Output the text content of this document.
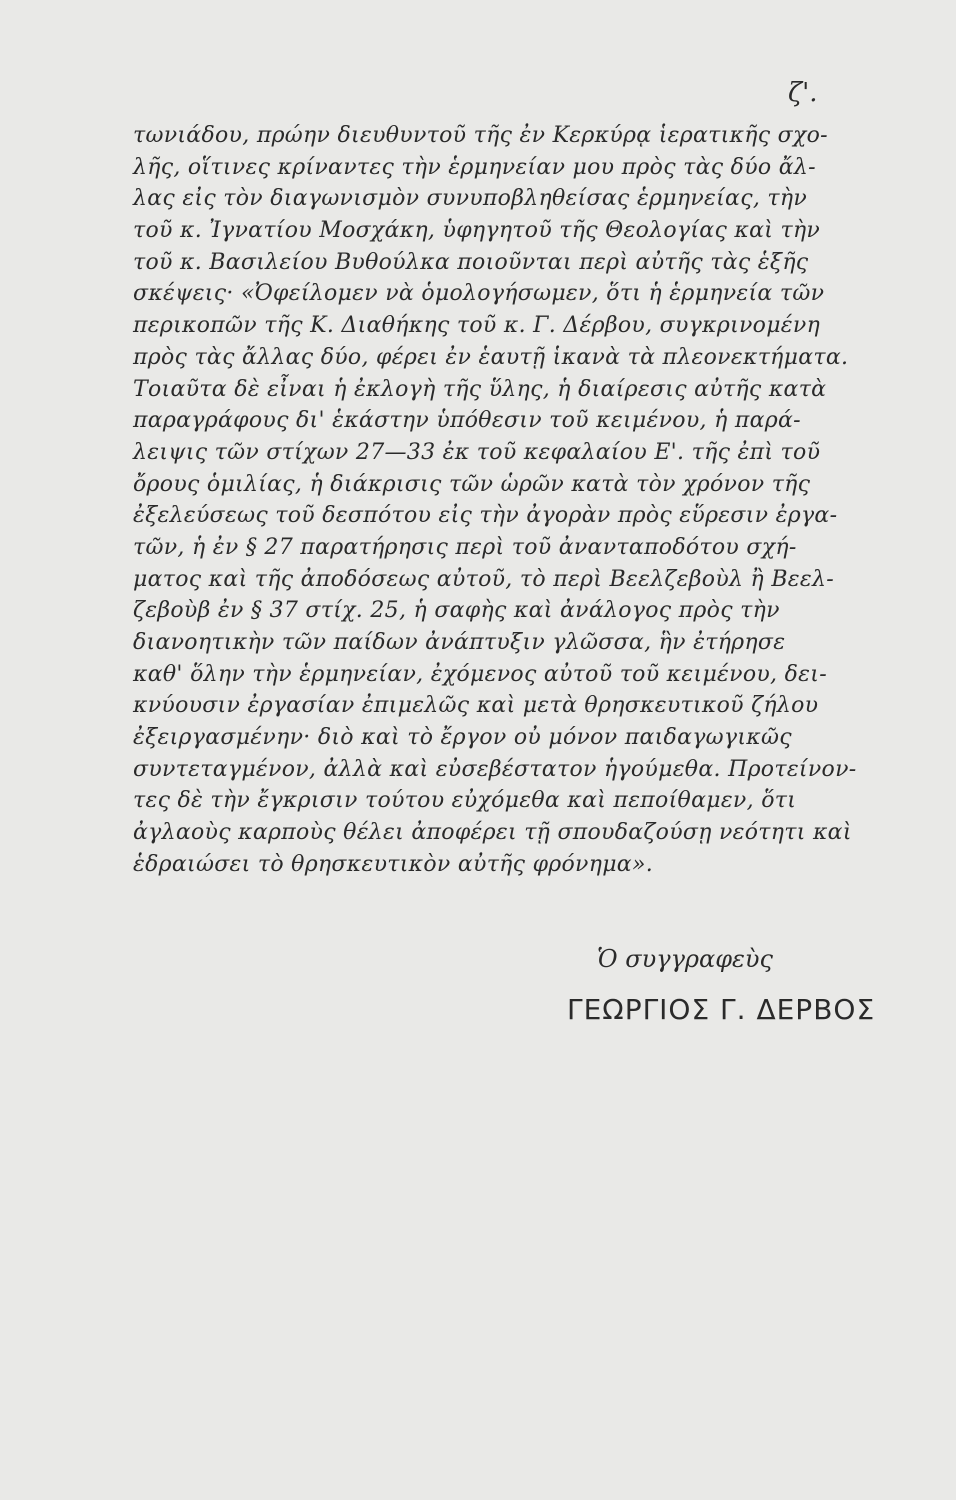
ζ'.
τωνιάδου, πρώην διευθυντοῦ τῆς ἐν Κερκύρᾳ ἱερατικῆς σχο-
λῆς, οἵτινες κρίναντες τὴν ἑρμηνείαν μου πρὸς τὰς δύο ἄλ-
λας εἰς τὸν διαγωνισμὸν συνυποβληθείσας ἑρμηνείας, τὴν
τοῦ κ. Ἰγνατίου Μοσχάκη, ὑφηγητοῦ τῆς Θεολογίας καὶ τὴν
τοῦ κ. Βασιλείου Βυθούλκα ποιοῦνται περὶ αὐτῆς τὰς ἑξῆς
σκέψεις· «Ὀφείλομεν νὰ ὁμολογήσωμεν, ὅτι ἡ ἑρμηνεία τῶν
περικοπῶν τῆς Κ. Διαθήκης τοῦ κ. Γ. Δέρβου, συγκρινομένη
πρὸς τὰς ἄλλας δύο, φέρει ἐν ἑαυτῇ ἱκανὰ τὰ πλεονεκτήματα.
Τοιαῦτα δὲ εἶναι ἡ ἐκλογὴ τῆς ὕλης, ἡ διαίρεσις αὐτῆς κατὰ
παραγράφους δι' ἑκάστην ὑπόθεσιν τοῦ κειμένου, ἡ παρά-
λειψις τῶν στίχων 27—33 ἐκ τοῦ κεφαλαίου Ε'. τῆς ἐπὶ τοῦ
ὄρους ὁμιλίας, ἡ διάκρισις τῶν ὡρῶν κατὰ τὸν χρόνον τῆς
ἐξελεύσεως τοῦ δεσπότου εἰς τὴν ἀγορὰν πρὸς εὕρεσιν ἐργα-
τῶν, ἡ ἐν § 27 παρατήρησις περὶ τοῦ ἀνανταποδότου σχή-
ματος καὶ τῆς ἀποδόσεως αὐτοῦ, τὸ περὶ Βεελζεβοὺλ ἢ Βεελ-
ζεβοὺβ ἐν § 37 στίχ. 25, ἡ σαφὴς καὶ ἀνάλογος πρὸς τὴν
διανοητικὴν τῶν παίδων ἀνάπτυξιν γλῶσσα, ἣν ἐτήρησε
καθ' ὅλην τὴν ἑρμηνείαν, ἐχόμενος αὐτοῦ τοῦ κειμένου, δει-
κνύουσιν ἐργασίαν ἐπιμελῶς καὶ μετὰ θρησκευτικοῦ ζήλου
ἐξειργασμένην· διὸ καὶ τὸ ἔργον οὐ μόνον παιδαγωγικῶς
συντεταγμένον, ἀλλὰ καὶ εὐσεβέστατον ἡγούμεθα. Προτείνον-
τες δὲ τὴν ἔγκρισιν τούτου εὐχόμεθα καὶ πεποίθαμεν, ὅτι
ἀγλαοὺς καρποὺς θέλει ἀποφέρει τῇ σπουδαζούσῃ νεότητι καὶ
ἑδραιώσει τὸ θρησκευτικὸν αὐτῆς φρόνημα».
Ὁ συγγραφεὺς
ΓΕΩΡΓΙΟΣ Γ. ΔΕΡΒΟΣ
